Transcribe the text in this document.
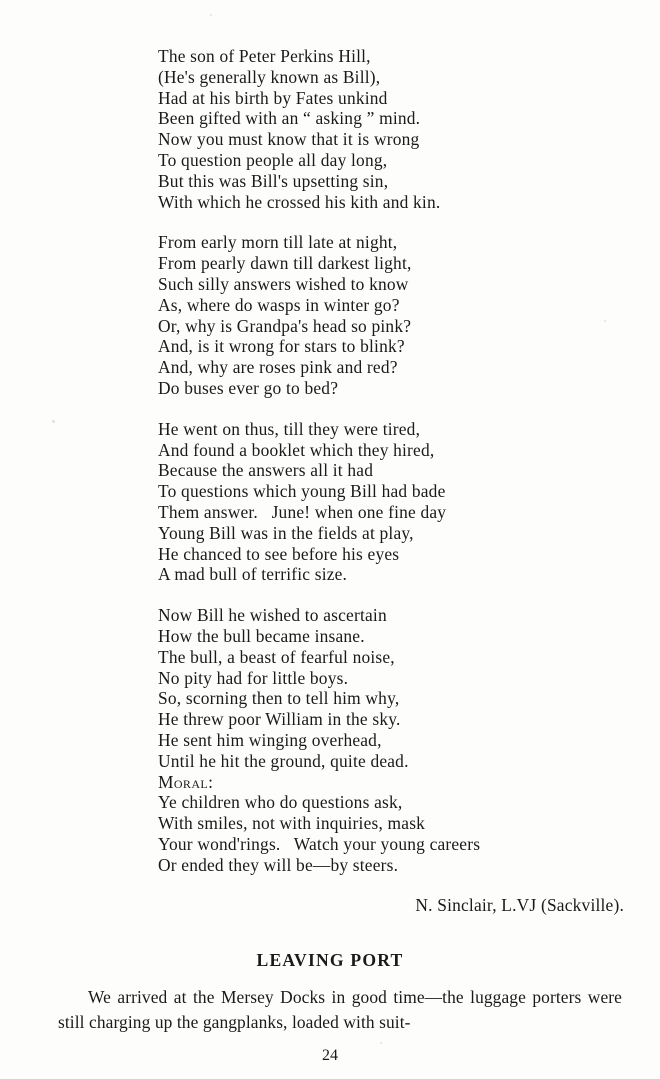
The son of Peter Perkins Hill,
(He's generally known as Bill),
Had at his birth by Fates unkind
Been gifted with an “ asking ” mind.
Now you must know that it is wrong
To question people all day long,
But this was Bill's upsetting sin,
With which he crossed his kith and kin.
From early morn till late at night,
From pearly dawn till darkest light,
Such silly answers wished to know
As, where do wasps in winter go?
Or, why is Grandpa's head so pink?
And, is it wrong for stars to blink?
And, why are roses pink and red?
Do buses ever go to bed?
He went on thus, till they were tired,
And found a booklet which they hired,
Because the answers all it had
To questions which young Bill had bade
Them answer.   June! when one fine day
Young Bill was in the fields at play,
He chanced to see before his eyes
A mad bull of terrific size.
Now Bill he wished to ascertain
How the bull became insane.
The bull, a beast of fearful noise,
No pity had for little boys.
So, scorning then to tell him why,
He threw poor William in the sky.
He sent him winging overhead,
Until he hit the ground, quite dead.
Moral:
Ye children who do questions ask,
With smiles, not with inquiries, mask
Your wond'rings.   Watch your young careers
Or ended they will be—by steers.
N. Sinclair, L.VJ (Sackville).
LEAVING PORT
We arrived at the Mersey Docks in good time—the luggage porters were still charging up the gangplanks, loaded with suit-
24
